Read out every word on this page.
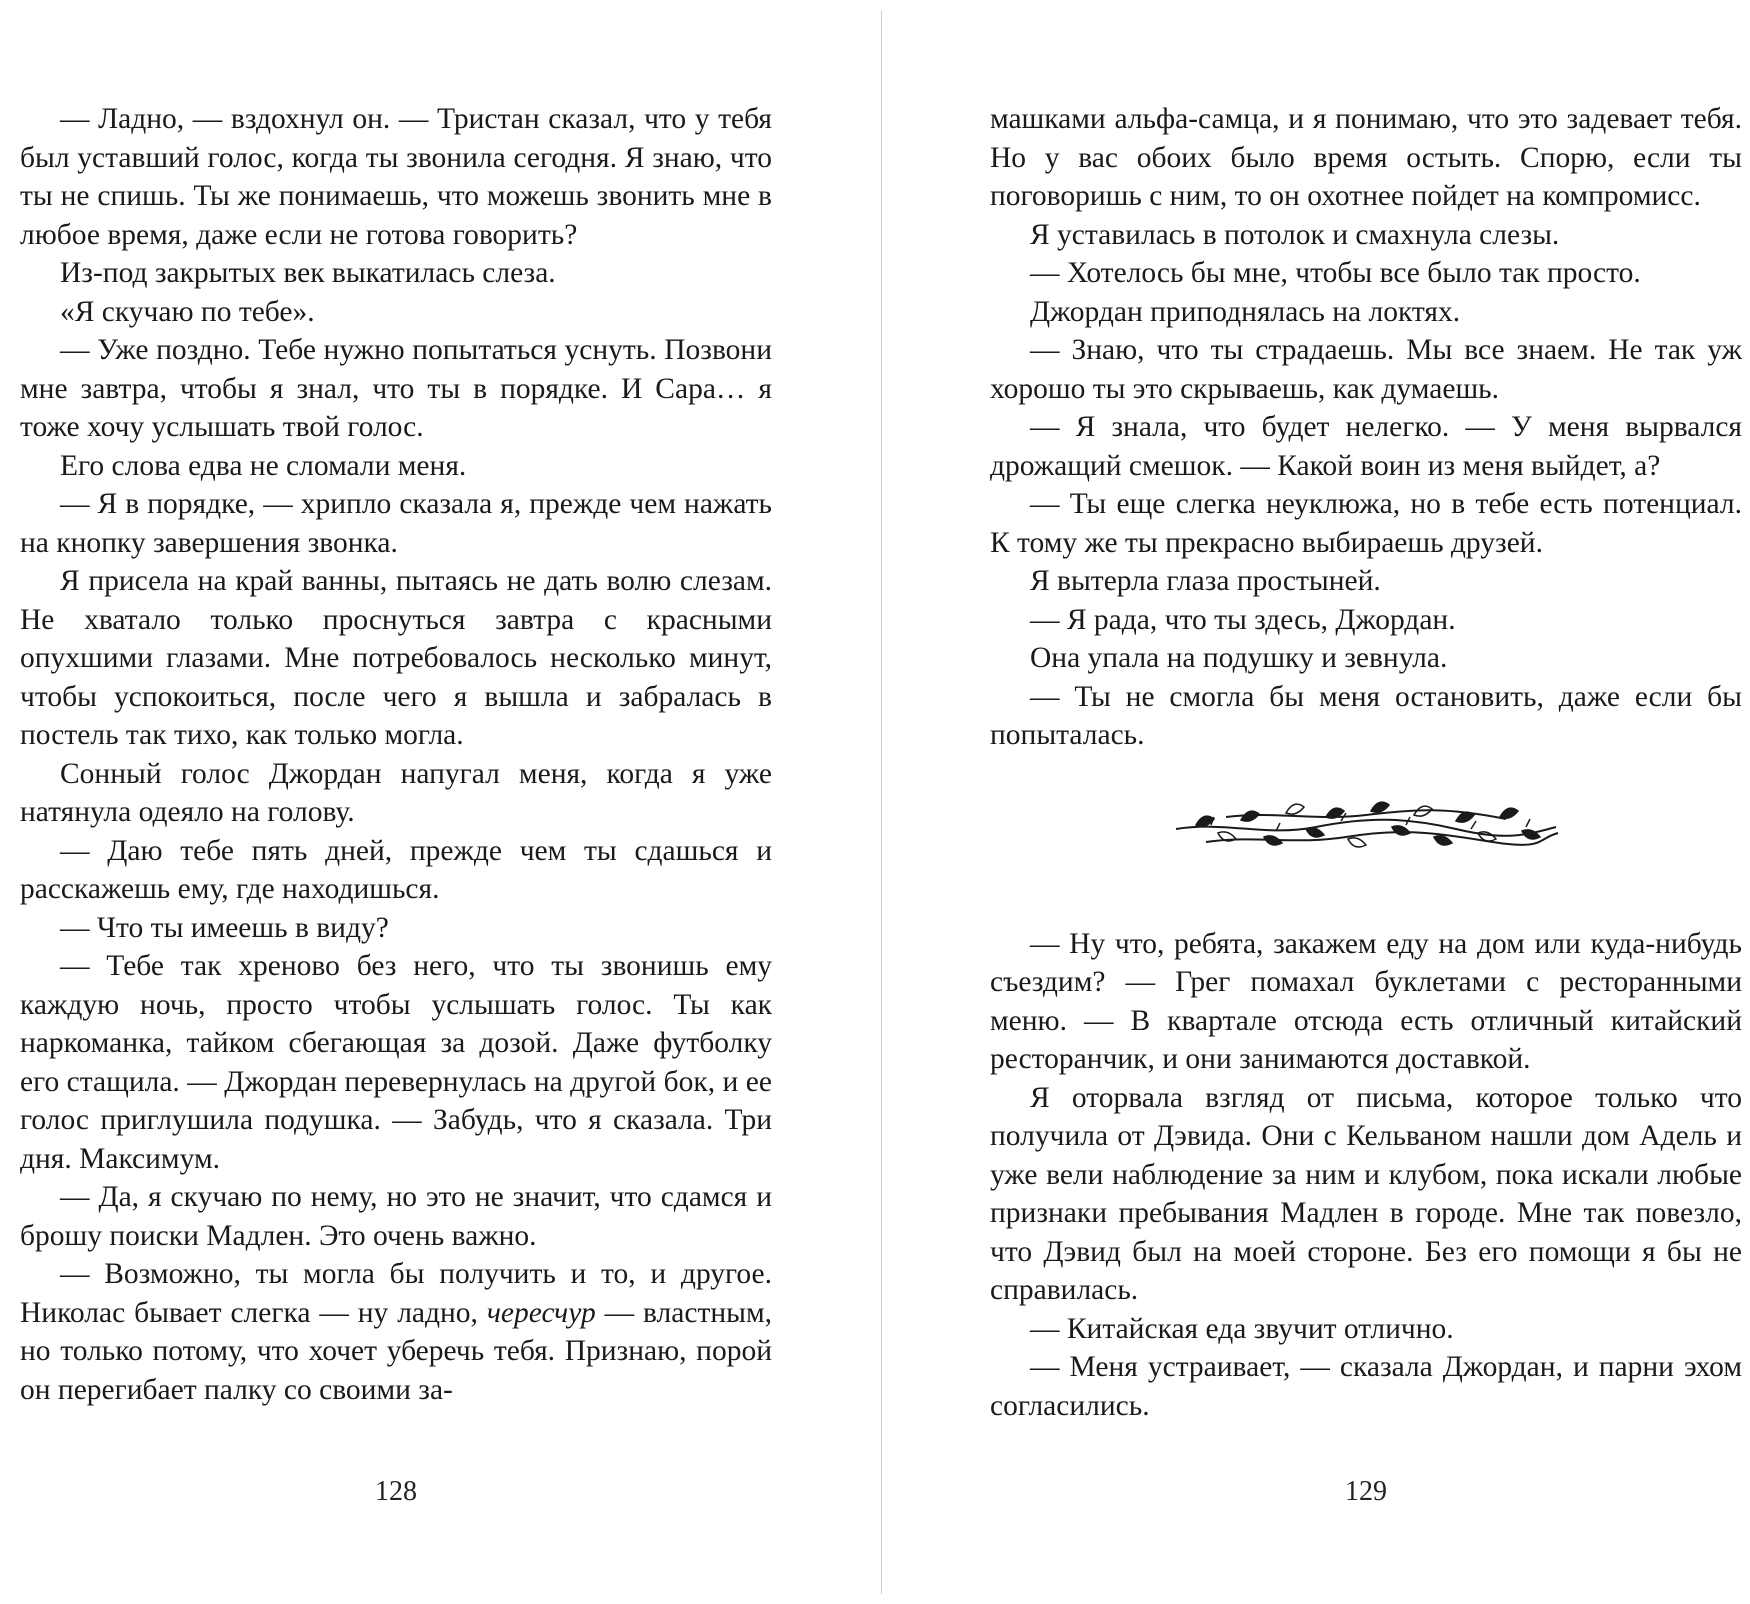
— Ладно, — вздохнул он. — Тристан сказал, что у тебя был уставший голос, когда ты звонила сегодня. Я знаю, что ты не спишь. Ты же понимаешь, что можешь звонить мне в любое время, даже если не готова говорить?

Из-под закрытых век выкатилась слеза.

«Я скучаю по тебе».

— Уже поздно. Тебе нужно попытаться уснуть. Позвони мне завтра, чтобы я знал, что ты в порядке. И Сара… я тоже хочу услышать твой голос.

Его слова едва не сломали меня.

— Я в порядке, — хрипло сказала я, прежде чем нажать на кнопку завершения звонка.

Я присела на край ванны, пытаясь не дать волю слезам. Не хватало только проснуться завтра с красными опухшими глазами. Мне потребовалось несколько минут, чтобы успокоиться, после чего я вышла и забралась в постель так тихо, как только могла.

Сонный голос Джордан напугал меня, когда я уже натянула одеяло на голову.

— Даю тебе пять дней, прежде чем ты сдашься и расскажешь ему, где находишься.

— Что ты имеешь в виду?

— Тебе так хреново без него, что ты звонишь ему каждую ночь, просто чтобы услышать голос. Ты как наркоманка, тайком сбегающая за дозой. Даже футболку его стащила. — Джордан перевернулась на другой бок, и ее голос приглушила подушка. — Забудь, что я сказала. Три дня. Максимум.

— Да, я скучаю по нему, но это не значит, что сдамся и брошу поиски Мадлен. Это очень важно.

— Возможно, ты могла бы получить и то, и другое. Николас бывает слегка — ну ладно, чересчур — властным, но только потому, что хочет уберечь тебя. Признаю, порой он перегибает палку со своими за-

машками альфа-самца, и я понимаю, что это задевает тебя. Но у вас обоих было время остыть. Спорю, если ты поговоришь с ним, то он охотнее пойдет на компромисс.

Я уставилась в потолок и смахнула слезы.

— Хотелось бы мне, чтобы все было так просто.

Джордан приподнялась на локтях.

— Знаю, что ты страдаешь. Мы все знаем. Не так уж хорошо ты это скрываешь, как думаешь.

— Я знала, что будет нелегко. — У меня вырвался дрожащий смешок. — Какой воин из меня выйдет, а?

— Ты еще слегка неуклюжа, но в тебе есть потенциал. К тому же ты прекрасно выбираешь друзей.

Я вытерла глаза простыней.

— Я рада, что ты здесь, Джордан.

Она упала на подушку и зевнула.

— Ты не смогла бы меня остановить, даже если бы попыталась.

— Ну что, ребята, закажем еду на дом или куда-нибудь съездим? — Грег помахал буклетами с ресторанными меню. — В квартале отсюда есть отличный китайский ресторанчик, и они занимаются доставкой.

Я оторвала взгляд от письма, которое только что получила от Дэвида. Они с Кельваном нашли дом Адель и уже вели наблюдение за ним и клубом, пока искали любые признаки пребывания Мадлен в городе. Мне так повезло, что Дэвид был на моей стороне. Без его помощи я бы не справилась.

— Китайская еда звучит отлично.

— Меня устраивает, — сказала Джордан, и парни эхом согласились.

128	129
